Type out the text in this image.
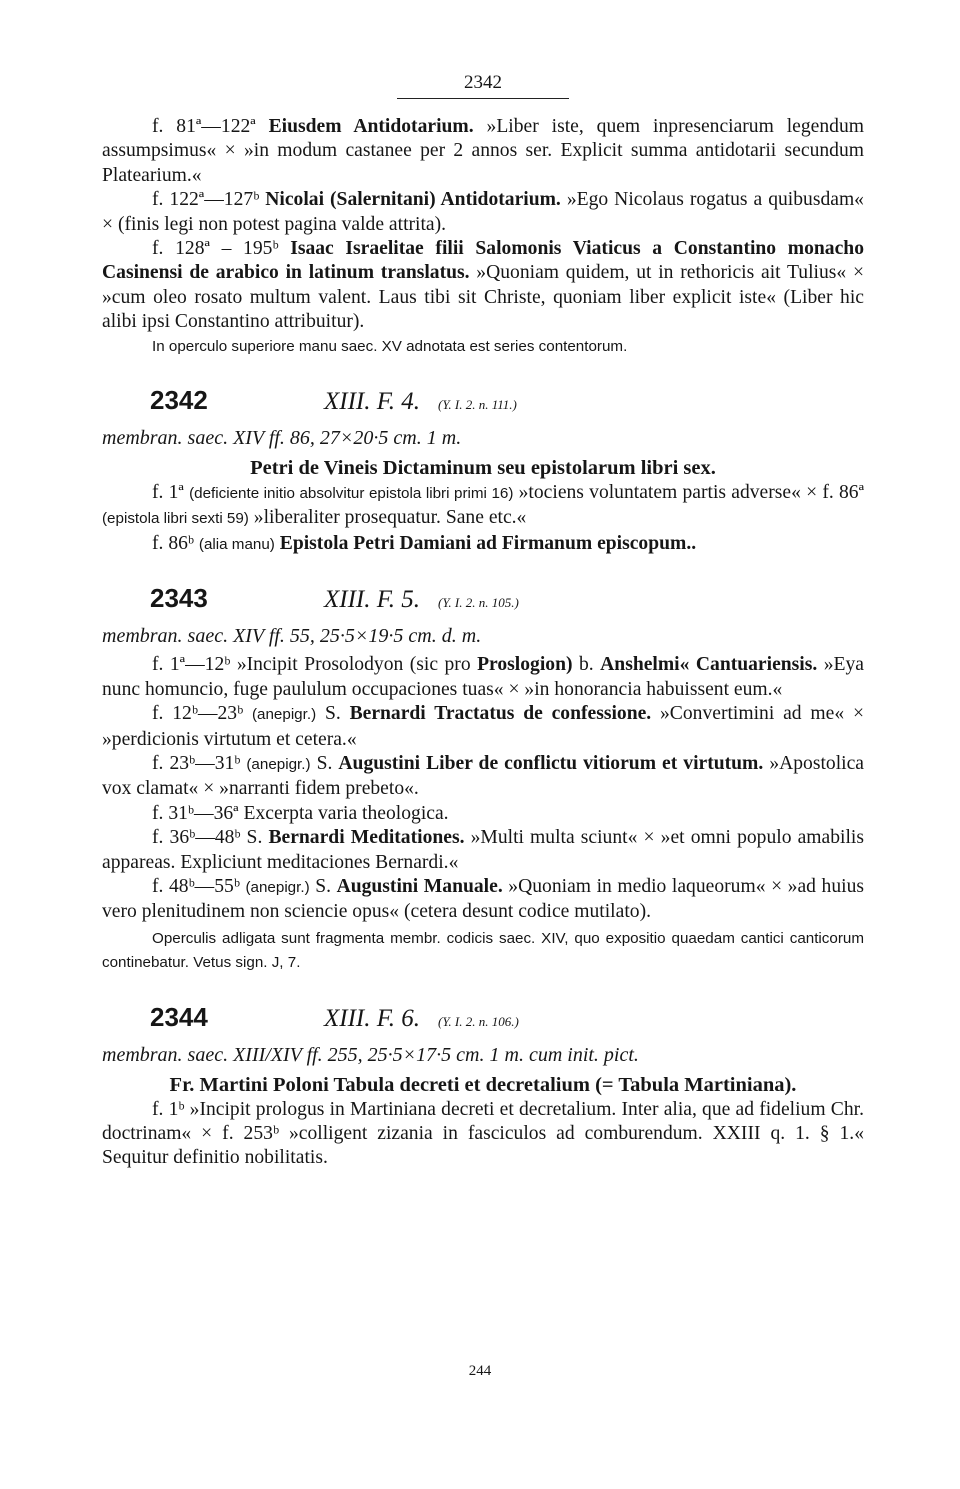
2342

f. 81ª—122ª Eiusdem Antidotarium. »Liber iste, quem inpresenciarum legendum assumpsimus« × »in modum castanee per 2 annos ser. Explicit summa antidotarii secundum Platearium.«

f. 122ª—127ᵇ Nicolai (Salernitani) Antidotarium. »Ego Nicolaus rogatus a quibusdam« × (finis legi non potest pagina valde attrita).

f. 128ª – 195ᵇ Isaac Israelitae filii Salomonis Viaticus a Constantino monacho Casinensi de arabico in latinum translatus. »Quoniam quidem, ut in rethoricis ait Tulius« × »cum oleo rosato multum valent. Laus tibi sit Christe, quoniam liber explicit iste« (Liber hic alibi ipsi Constantino attribuitur).

In operculo superiore manu saec. XV adnotata est series contentorum.

2342	XIII. F. 4. (Y. I. 2. n. 111.)

membran. saec. XIV ff. 86, 27×20·5 cm. 1 m.

Petri de Vineis Dictaminum seu epistolarum libri sex.

f. 1ª (deficiente initio absolvitur epistola libri primi 16) »tociens voluntatem partis adverse« × f. 86ª (epistola libri sexti 59) »liberaliter prosequatur. Sane etc.«

f. 86ᵇ (alia manu) Epistola Petri Damiani ad Firmanum episcopum..

2343	XIII. F. 5. (Y. I. 2. n. 105.)

membran. saec. XIV ff. 55, 25·5×19·5 cm. d. m.

f. 1ª—12ᵇ »Incipit Prosolodyon (sic pro Proslogion) b. Anshelmi« Cantuariensis. »Eya nunc homuncio, fuge paululum occupaciones tuas« × »in honorancia habuissent eum.«

f. 12ᵇ—23ᵇ (anepigr.) S. Bernardi Tractatus de confessione. »Convertimini ad me« × »perdicionis virtutum et cetera.«

f. 23ᵇ—31ᵇ (anepigr.) S. Augustini Liber de conflictu vitiorum et virtutum. »Apostolica vox clamat« × »narranti fidem prebeto«.

f. 31ᵇ—36ª Excerpta varia theologica.

f. 36ᵇ—48ᵇ S. Bernardi Meditationes. »Multi multa sciunt« × »et omni populo amabilis appareas. Expliciunt meditaciones Bernardi.«

f. 48ᵇ—55ᵇ (anepigr.) S. Augustini Manuale. »Quoniam in medio laqueorum« × »ad huius vero plenitudinem non sciencie opus« (cetera desunt codice mutilato).

Operculis adligata sunt fragmenta membr. codicis saec. XIV, quo expositio quaedam cantici canticorum continebatur. Vetus sign. J, 7.

2344	XIII. F. 6. (Y. I. 2. n. 106.)

membran. saec. XIII/XIV ff. 255, 25·5×17·5 cm. 1 m. cum init. pict.

Fr. Martini Poloni Tabula decreti et decretalium (= Tabula Martiniana).

f. 1ᵇ »Incipit prologus in Martiniana decreti et decretalium. Inter alia, que ad fidelium Chr. doctrinam« × f. 253ᵇ »colligent zizania in fasciculos ad comburendum. XXIII q. 1. § 1.« Sequitur definitio nobilitatis.

244
